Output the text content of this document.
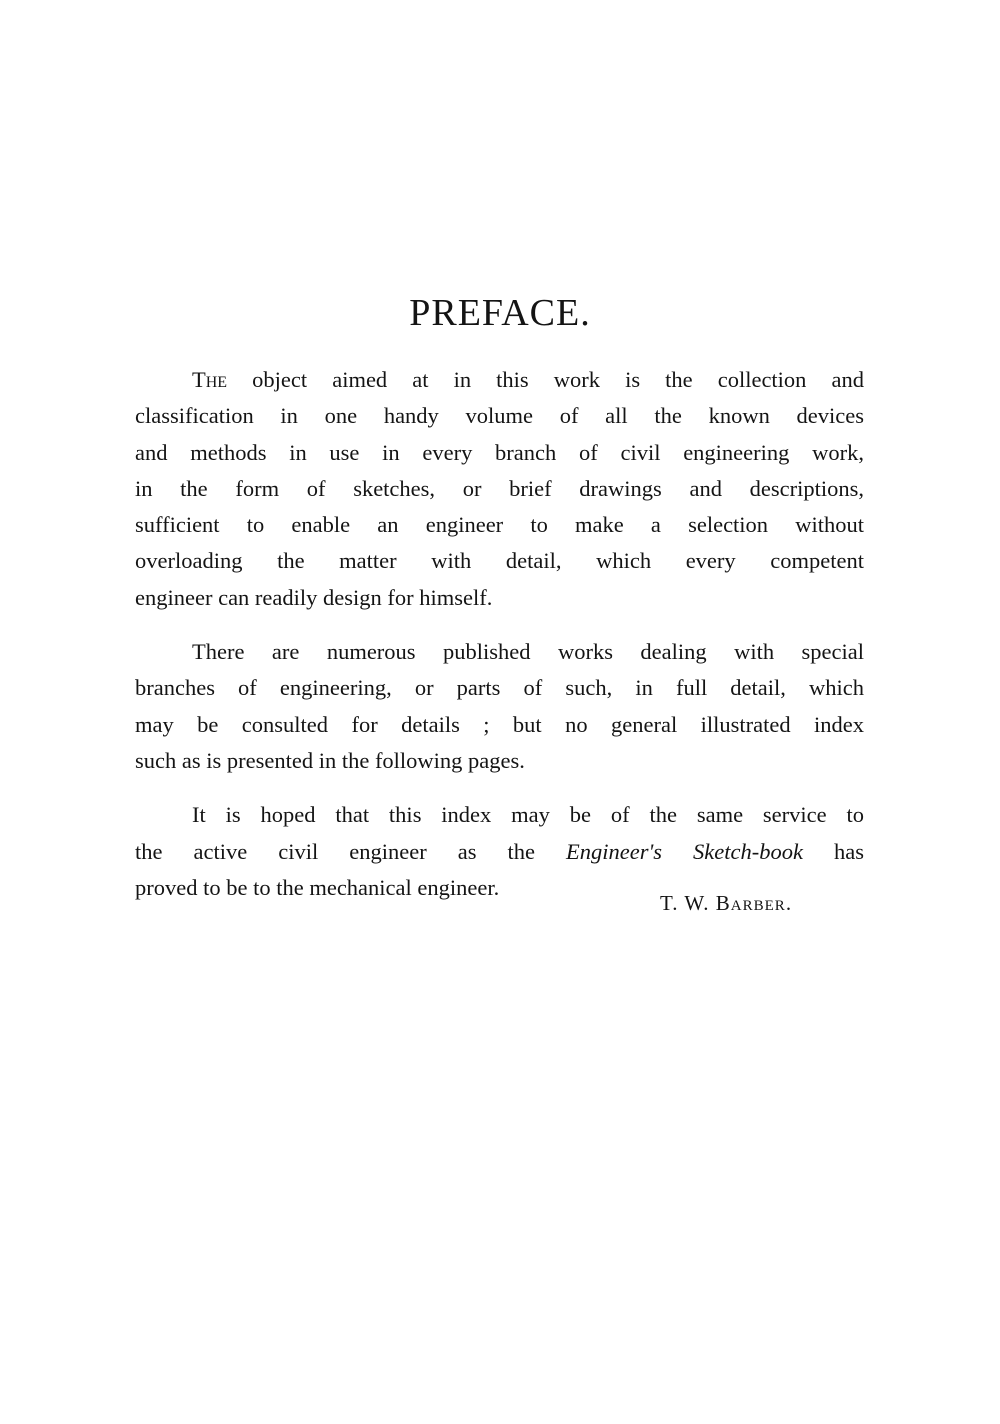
PREFACE.

The object aimed at in this work is the collection and
classification in one handy volume of all the known devices
and methods in use in every branch of civil engineering work,
in the form of sketches, or brief drawings and descriptions,
sufficient to enable an engineer to make a selection without
overloading the matter with detail, which every competent
engineer can readily design for himself.

There are numerous published works dealing with special
branches of engineering, or parts of such, in full detail, which
may be consulted for details ; but no general illustrated index
such as is presented in the following pages.

It is hoped that this index may be of the same service to
the active civil engineer as the Engineer's Sketch-book has
proved to be to the mechanical engineer.

T. W. Barber.
